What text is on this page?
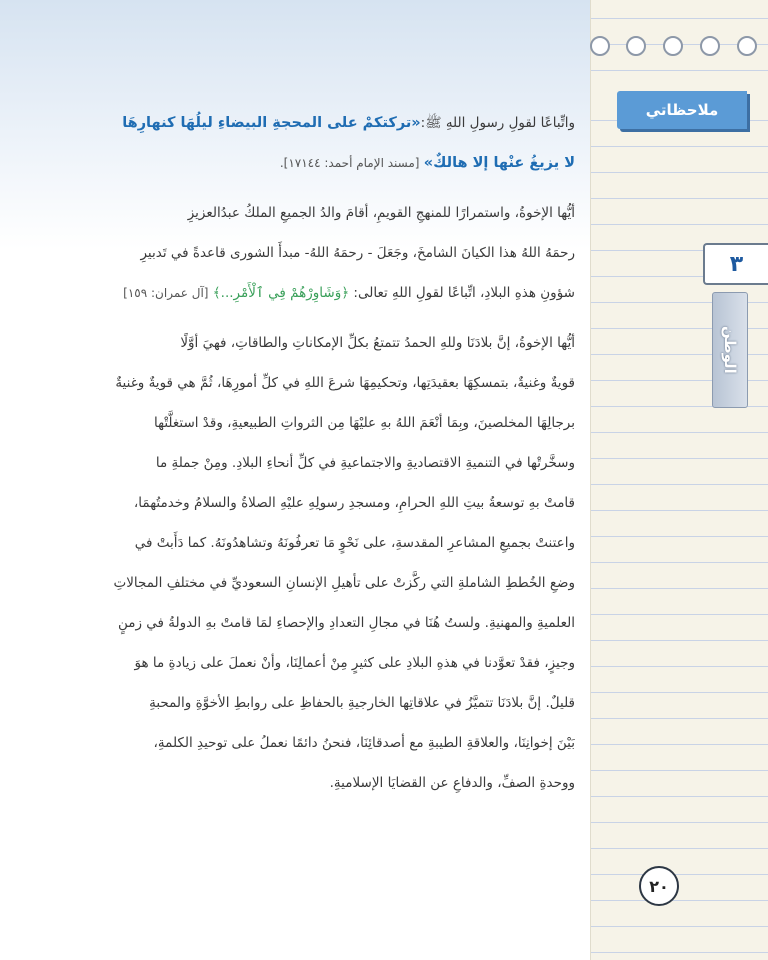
ملاحظاتي
٣
الوطن
واتِّباعًا لقولِ رسولِ اللهِ ﷺ:«تركتكمْ على المحجةِ البيضاءِ ليلُهَا كنهارِهَا
لا يزيغُ عنْها إلا هالكٌ» [مسند الإمام أحمد: ١٧١٤٤].
أيُّها الإخوةُ، واستمرارًا للمنهجِ القويمِ، أقامَ والدُ الجميعِ الملكُ عبدُالعزيزِ
رحمَهُ اللهُ هذا الكيانَ الشامخَ، وجَعَلَ - رحمَهُ اللهُ- مبدأَ الشورى قاعدةً في تَدبيرِ
شؤونِ هذهِ البلادِ، اتِّباعًا لقولِ اللهِ تعالى: ﴿وَشَاوِرْهُمْ فِي ٱلْأَمْرِ...﴾ [آل عمران: ١٥٩]
أيُّها الإخوةُ، إنَّ بلادَنَا وللهِ الحمدُ تتمتعُ بكلِّ الإمكاناتِ والطاقاتِ، فهيَ أوَّلًا
قويةٌ وغنيةٌ، بتمسكِهَا بعقيدَتِها، وتحكيمِهَا شرعَ اللهِ في كلِّ أمورِهَا، ثُمَّ هي قويةٌ وغنيةٌ
برجالِهَا المخلصينَ، وبِمَا أنْعَمَ اللهُ بهِ عليْهَا مِن الثرواتِ الطبيعيةِ، وقدْ استغلَّتْها
وسخَّرتْها في التنميةِ الاقتصاديةِ والاجتماعيةِ في كلِّ أنحاءِ البلادِ. ومِنْ جملةِ ما
قامتْ بهِ توسعةُ بيتِ اللهِ الحرامِ، ومسجدِ رسولِهِ عليْهِ الصلاةُ والسلامُ وخدمتُهمَا،
واعتنتْ بجميعِ المشاعرِ المقدسةِ، على نَحْوٍ مَا تعرفُونَهُ وتشاهدُونَهُ. كما دَأَبتْ في
وضعِ الخُططِ الشاملةِ التي ركَّزتْ على تأهيلِ الإنسانِ السعوديِّ في مختلفِ المجالاتِ
العلميةِ والمهنيةِ. ولستُ هُنَا في مجالِ التعدادِ والإحصاءِ لمَا قامتْ بهِ الدولةُ في زمنٍ
وجيزٍ، فقدْ تعوَّدنا في هذهِ البلادِ على كثيرٍ مِنْ أعمالِنَا، وأنْ نعملَ على زيادةِ ما هوَ
قليلٌ. إنَّ بلادَنَا تتميَّزُ في علاقاتِها الخارجيةِ بالحفاظِ على روابطِ الأخوَّةِ والمحبةِ
بَيْنَ إخوانِنَا، والعلاقةِ الطيبةِ مع أصدقائِنَا، فنحنُ دائمًا نعملُ على توحيدِ الكلمةِ،
ووحدةِ الصفِّ، والدفاعِ عن القضايَا الإسلاميةِ.
٢٠
